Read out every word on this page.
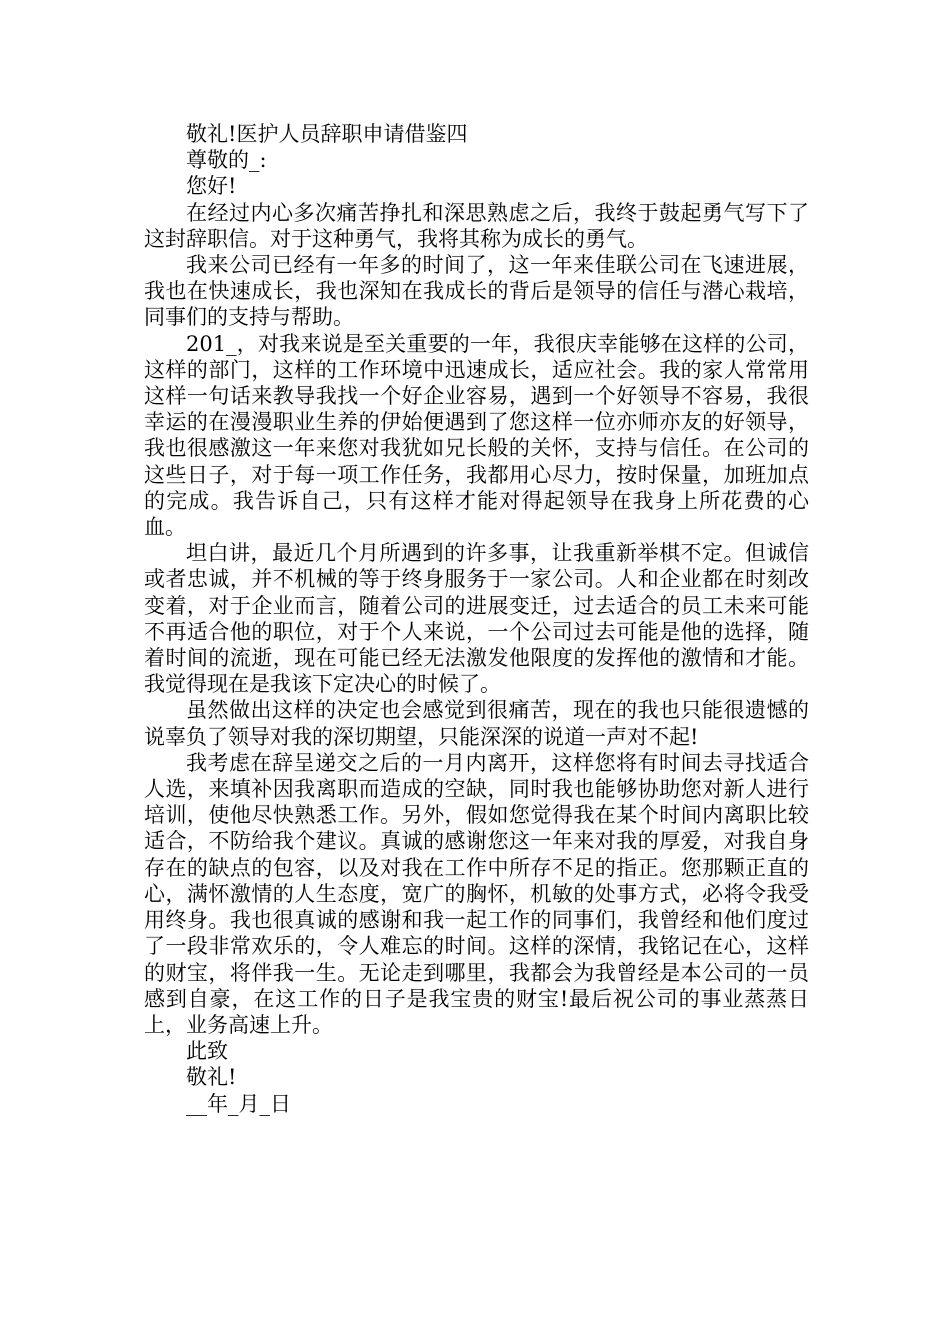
敬礼!医护人员辞职申请借鉴四

尊敬的_:

您好!

在经过内心多次痛苦挣扎和深思熟虑之后，我终于鼓起勇气写下了这封辞职信。对于这种勇气，我将其称为成长的勇气。

我来公司已经有一年多的时间了，这一年来佳联公司在飞速进展，我也在快速成长，我也深知在我成长的背后是领导的信任与潜心栽培，同事们的支持与帮助。

201_，对我来说是至关重要的一年，我很庆幸能够在这样的公司，这样的部门，这样的工作环境中迅速成长，适应社会。我的家人常常用这样一句话来教导我找一个好企业容易，遇到一个好领导不容易，我很幸运的在漫漫职业生养的伊始便遇到了您这样一位亦师亦友的好领导，我也很感激这一年来您对我犹如兄长般的关怀，支持与信任。在公司的这些日子，对于每一项工作任务，我都用心尽力，按时保量，加班加点的完成。我告诉自己，只有这样才能对得起领导在我身上所花费的心血。

坦白讲，最近几个月所遇到的许多事，让我重新举棋不定。但诚信或者忠诚，并不机械的等于终身服务于一家公司。人和企业都在时刻改变着，对于企业而言，随着公司的进展变迁，过去适合的员工未来可能不再适合他的职位，对于个人来说，一个公司过去可能是他的选择，随着时间的流逝，现在可能已经无法激发他限度的发挥他的激情和才能。我觉得现在是我该下定决心的时候了。

虽然做出这样的决定也会感觉到很痛苦，现在的我也只能很遗憾的说辜负了领导对我的深切期望，只能深深的说道一声对不起!

我考虑在辞呈递交之后的一月内离开，这样您将有时间去寻找适合人选，来填补因我离职而造成的空缺，同时我也能够协助您对新人进行培训，使他尽快熟悉工作。另外，假如您觉得我在某个时间内离职比较适合，不防给我个建议。真诚的感谢您这一年来对我的厚爱，对我自身存在的缺点的包容，以及对我在工作中所存不足的指正。您那颗正直的心，满怀激情的人生态度，宽广的胸怀，机敏的处事方式，必将令我受用终身。我也很真诚的感谢和我一起工作的同事们，我曾经和他们度过了一段非常欢乐的，令人难忘的时间。这样的深情，我铭记在心，这样的财宝，将伴我一生。无论走到哪里，我都会为我曾经是本公司的一员感到自豪，在这工作的日子是我宝贵的财宝!最后祝公司的事业蒸蒸日上，业务高速上升。

此致

敬礼!

__年_月_日
